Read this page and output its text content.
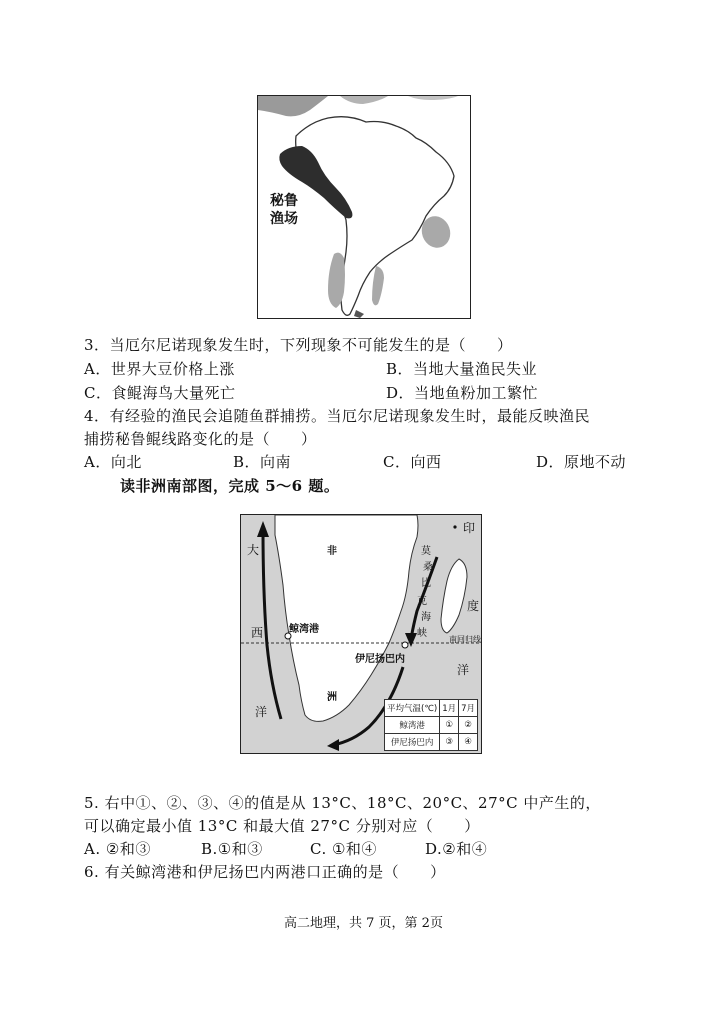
秘鲁
渔场
3．当厄尔尼诺现象发生时，下列现象不可能发生的是（　　）
A．世界大豆价格上涨	B．当地大量渔民失业
C．食鲲海鸟大量死亡	D．当地鱼粉加工繁忙
4．有经验的渔民会追随鱼群捕捞。当厄尔尼诺现象发生时，最能反映渔民
捕捞秘鲁鲲线路变化的是（　　）
A．向北	B．向南	C．向西	D．原地不动
读非洲南部图，完成 5～6 题。
大
西
洋
非
洲
鲸湾港
伊尼扬巴内
印
度
洋
莫
桑
比
克
海
峡
南回归线
平均气温(℃)	1月	7月
鲸湾港	①	②
伊尼扬巴内	③	④
5. 右中①、②、③、④的值是从 13°C、18°C、20°C、27°C 中产生的，
可以确定最小值 13°C 和最大值 27°C 分别对应（　　）
A. ②和③	B.①和③	C. ①和④	D.②和④
6. 有关鲸湾港和伊尼扬巴内两港口正确的是（　　）
高二地理，共 7 页，第 2页
